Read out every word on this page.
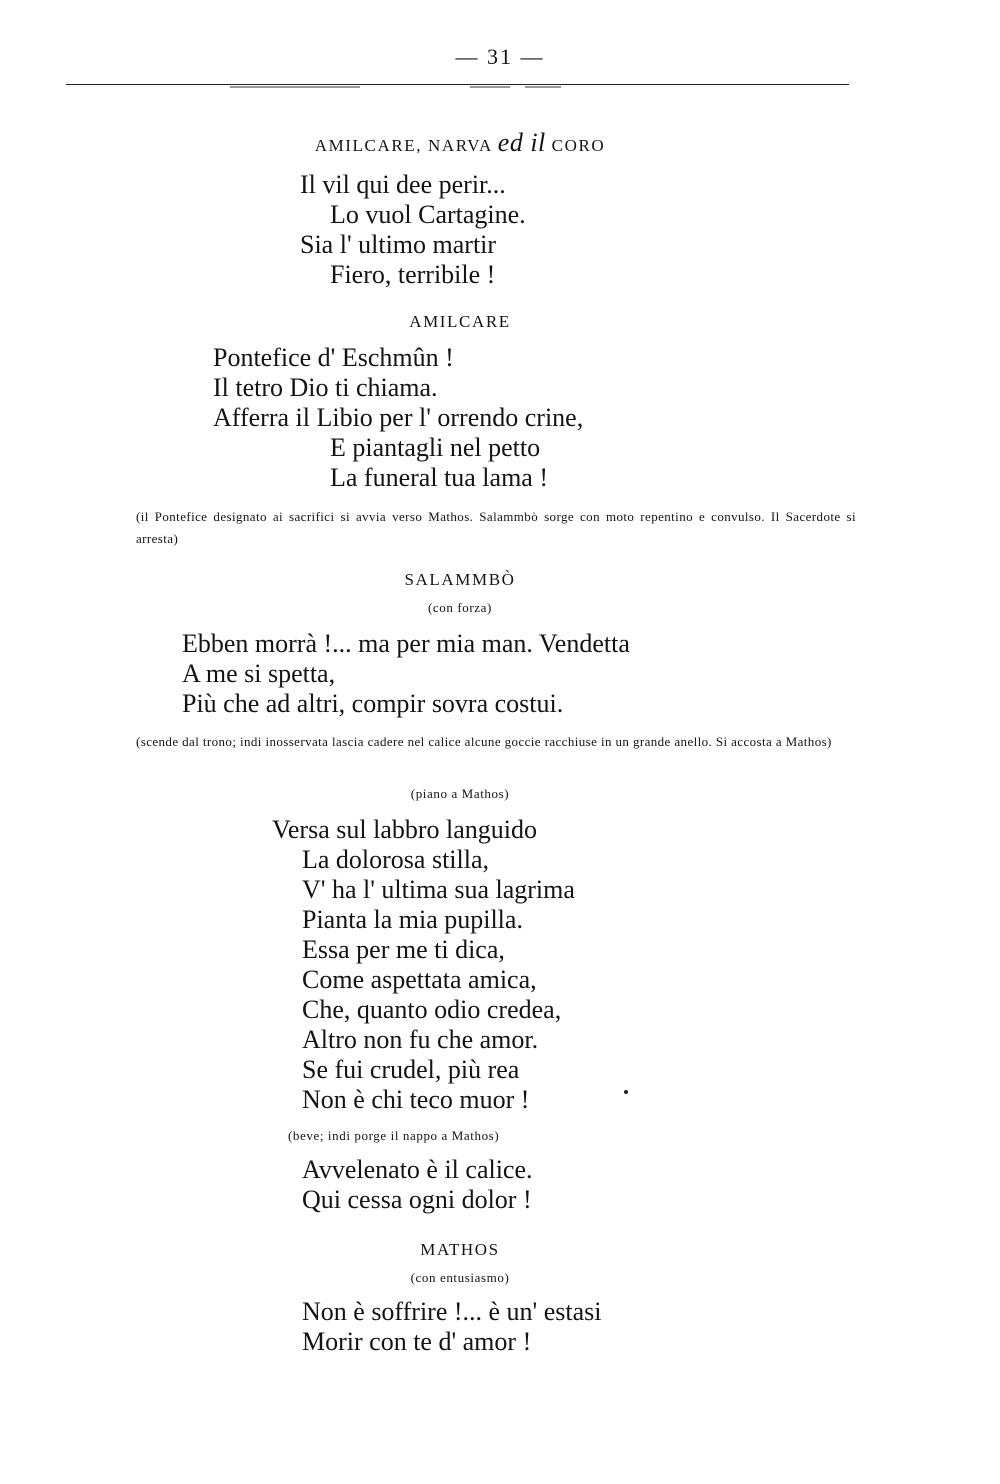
— 31 —
AMILCARE, NARVA ed il CORO
Il vil qui dee perir...
Lo vuol Cartagine.
Sia l' ultimo martir
Fiero, terribile !
AMILCARE
Pontefice d' Eschmûn !
Il tetro Dio ti chiama.
Afferra il Libio per l' orrendo crine,
E piantagli nel petto
La funeral tua lama !
(il Pontefice designato ai sacrifici si avvia verso Mathos. Salammbò sorge con moto repentino e convulso. Il Sacerdote si arresta)
SALAMMBÒ
(con forza)
Ebben morrà !... ma per mia man. Vendetta
A me si spetta,
Più che ad altri, compir sovra costui.
(scende dal trono; indi inosservata lascia cadere nel calice alcune goccie racchiuse in un grande anello. Si accosta a Mathos)
(piano a Mathos)
Versa sul labbro languido
La dolorosa stilla,
V' ha l' ultima sua lagrima
Pianta la mia pupilla.
Essa per me ti dica,
Come aspettata amica,
Che, quanto odio credea,
Altro non fu che amor.
Se fui crudel, più rea
Non è chi teco muor !
(beve; indi porge il nappo a Mathos)
Avvelenato è il calice.
Qui cessa ogni dolor !
MATHOS
(con entusiasmo)
Non è soffrire !... è un' estasi
Morir con te d' amor !
